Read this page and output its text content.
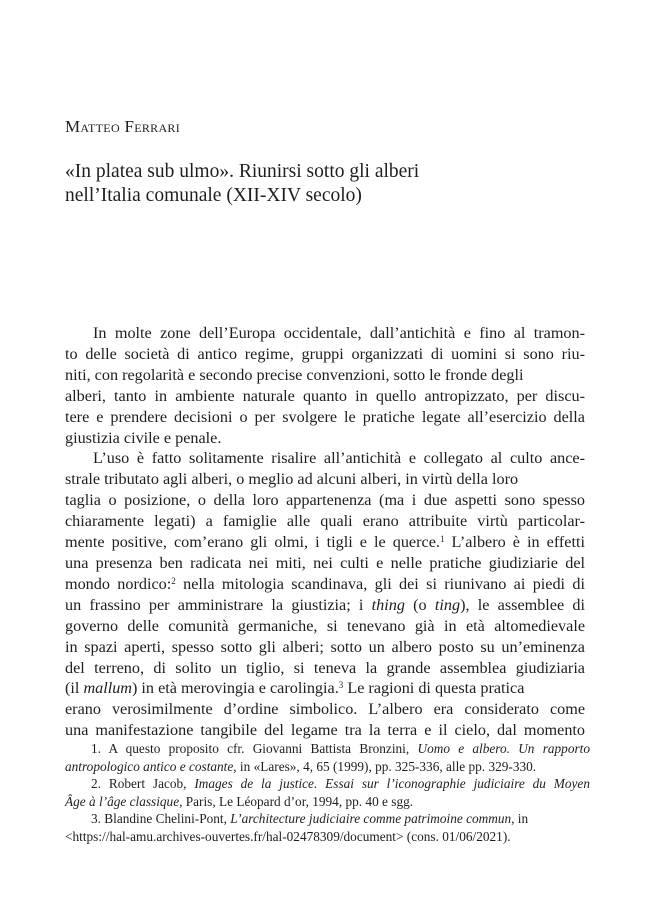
Matteo Ferrari
«In platea sub ulmo». Riunirsi sotto gli alberi
nell’Italia comunale (XII-XIV secolo)
In molte zone dell’Europa occidentale, dall’antichità e fino al tramon-
to delle società di antico regime, gruppi organizzati di uomini si sono riu-
niti, con regolarità e secondo precise convenzioni, sotto le fronde degli
alberi, tanto in ambiente naturale quanto in quello antropizzato, per discu-
tere e prendere decisioni o per svolgere le pratiche legate all’esercizio della
giustizia civile e penale.
L’uso è fatto solitamente risalire all’antichità e collegato al culto ance-
strale tributato agli alberi, o meglio ad alcuni alberi, in virtù della loro
taglia o posizione, o della loro appartenenza (ma i due aspetti sono spesso
chiaramente legati) a famiglie alle quali erano attribuite virtù particolar-
mente positive, com’erano gli olmi, i tigli e le querce.$^1$ L’albero è in effetti
una presenza ben radicata nei miti, nei culti e nelle pratiche giudiziarie del
mondo nordico:$^2$ nella mitologia scandinava, gli dei si riunivano ai piedi di
un frassino per amministrare la giustizia; i thing (o ting), le assemblee di
governo delle comunità germaniche, si tenevano già in età altomedievale
in spazi aperti, spesso sotto gli alberi; sotto un albero posto su un’eminenza
del terreno, di solito un tiglio, si teneva la grande assemblea giudiziaria
(il mallum) in età merovingia e carolingia.$^3$ Le ragioni di questa pratica
erano verosimilmente d’ordine simbolico. L’albero era considerato come
una manifestazione tangibile del legame tra la terra e il cielo, dal momento
1. A questo proposito cfr. Giovanni Battista Bronzini, Uomo e albero. Un rapporto
antropologico antico e costante, in «Lares», 4, 65 (1999), pp. 325-336, alle pp. 329-330.
2. Robert Jacob, Images de la justice. Essai sur l’iconographie judiciaire du Moyen
Âge à l’âge classique, Paris, Le Léopard d’or, 1994, pp. 40 e sgg.
3. Blandine Chelini-Pont, L’architecture judiciaire comme patrimoine commun, in
<https://hal-amu.archives-ouvertes.fr/hal-02478309/document> (cons. 01/06/2021).
